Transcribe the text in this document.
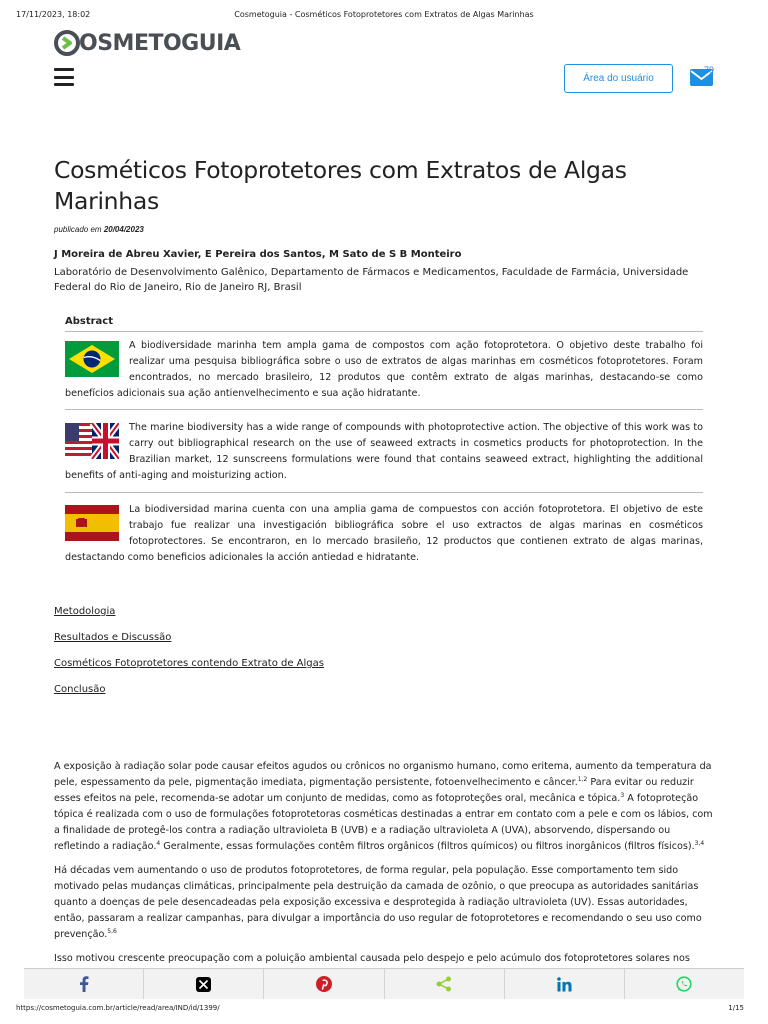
17/11/2023, 18:02	Cosmetoguia - Cosméticos Fotoprotetores com Extratos de Algas Marinhas
OSMETOGUIA
Área do usuário
79
Cosméticos Fotoprotetores com Extratos de Algas Marinhas
publicado em 20/04/2023
J Moreira de Abreu Xavier, E Pereira dos Santos, M Sato de S B Monteiro
Laboratório de Desenvolvimento Galênico, Departamento de Fármacos e Medicamentos, Faculdade de Farmácia, Universidade Federal do Rio de Janeiro, Rio de Janeiro RJ, Brasil
Abstract
A biodiversidade marinha tem ampla gama de compostos com ação fotoprotetora. O objetivo deste trabalho foi realizar uma pesquisa bibliográfica sobre o uso de extratos de algas marinhas em cosméticos fotoprotetores. Foram encontrados, no mercado brasileiro, 12 produtos que contêm extrato de algas marinhas, destacando-se como benefícios adicionais sua ação antienvelhecimento e sua ação hidratante.
The marine biodiversity has a wide range of compounds with photoprotective action. The objective of this work was to carry out bibliographical research on the use of seaweed extracts in cosmetics products for photoprotection. In the Brazilian market, 12 sunscreens formulations were found that contains seaweed extract, highlighting the additional benefits of anti-aging and moisturizing action.
La biodiversidad marina cuenta con una amplia gama de compuestos con acción fotoprotetora. El objetivo de este trabajo fue realizar una investigación bibliográfica sobre el uso extractos de algas marinas en cosméticos fotoprotectores. Se encontraron, en lo mercado brasileño, 12 productos que contienen extrato de algas marinas, destactando como beneficios adicionales la acción antiedad e hidratante.
Metodologia
Resultados e Discussão
Cosméticos Fotoprotetores contendo Extrato de Algas
Conclusão

A exposição à radiação solar pode causar efeitos agudos ou crônicos no organismo humano, como eritema, aumento da temperatura da pele, espessamento da pele, pigmentação imediata, pigmentação persistente, fotoenvelhecimento e câncer.$^{1,2}$ Para evitar ou reduzir esses efeitos na pele, recomenda-se adotar um conjunto de medidas, como as fotoproteções oral, mecânica e tópica.$^3$ A fotoproteção tópica é realizada com o uso de formulações fotoprotetoras cosméticas destinadas a entrar em contato com a pele e com os lábios, com a finalidade de protegê-los contra a radiação ultravioleta B (UVB) e a radiação ultravioleta A (UVA), absorvendo, dispersando ou refletindo a radiação.$^4$ Geralmente, essas formulações contêm filtros orgânicos (filtros químicos) ou filtros inorgânicos (filtros físicos).$^{3,4}$

Há décadas vem aumentando o uso de produtos fotoprotetores, de forma regular, pela população. Esse comportamento tem sido motivado pelas mudanças climáticas, principalmente pela destruição da camada de ozônio, o que preocupa as autoridades sanitárias quanto a doenças de pele desencadeadas pela exposição excessiva e desprotegida à radiação ultravioleta (UV). Essas autoridades, então, passaram a realizar campanhas, para divulgar a importância do uso regular de fotoprotetores e recomendando o seu uso como prevenção.$^{5,6}$

Isso motivou crescente preocupação com a poluição ambiental causada pelo despejo e pelo acúmulo dos fotoprotetores solares nos

https://cosmetoguia.com.br/article/read/area/IND/id/1399/	1/15
